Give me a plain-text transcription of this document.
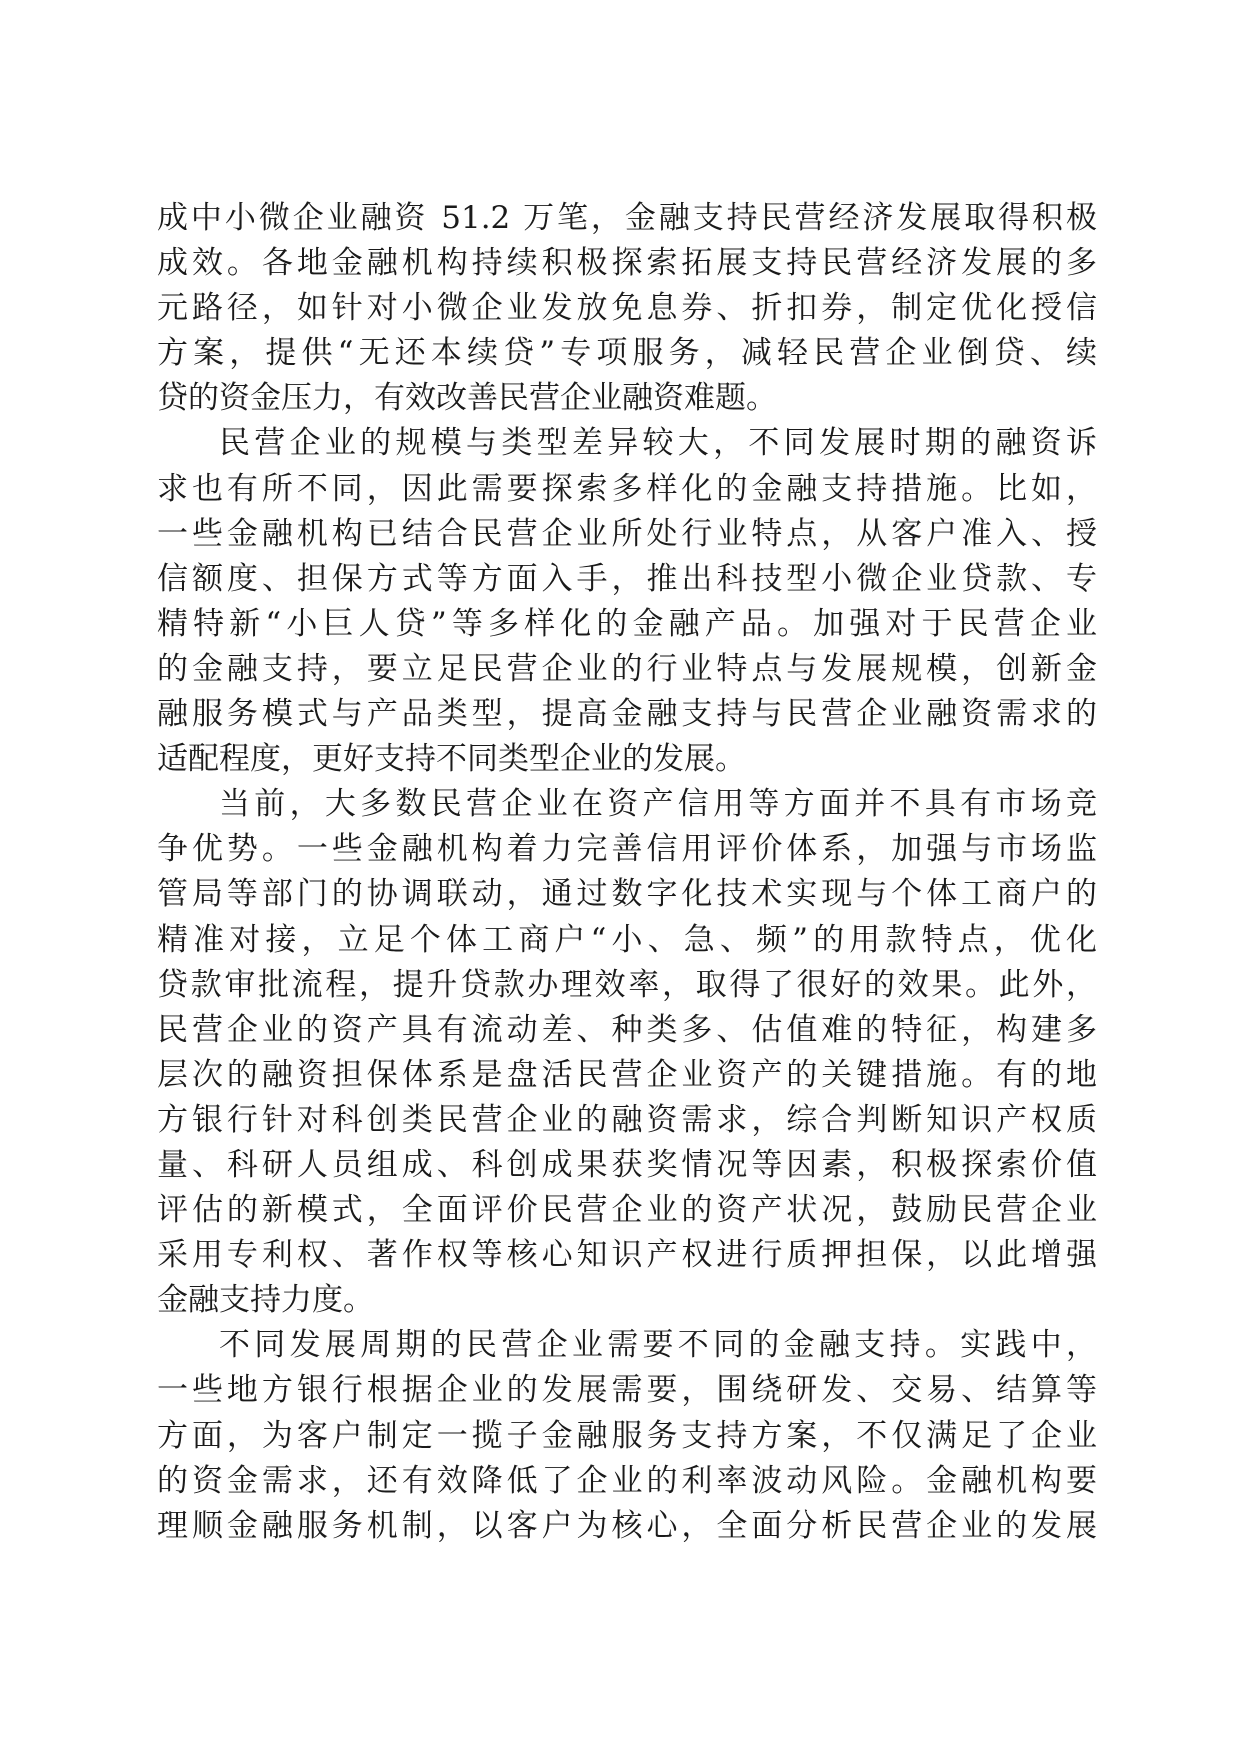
成中小微企业融资 51.2 万笔，金融支持民营经济发展取得积极
成效。各地金融机构持续积极探索拓展支持民营经济发展的多
元路径，如针对小微企业发放免息券、折扣券，制定优化授信
方案，提供“无还本续贷”专项服务，减轻民营企业倒贷、续
贷的资金压力，有效改善民营企业融资难题。
民营企业的规模与类型差异较大，不同发展时期的融资诉
求也有所不同，因此需要探索多样化的金融支持措施。比如，
一些金融机构已结合民营企业所处行业特点，从客户准入、授
信额度、担保方式等方面入手，推出科技型小微企业贷款、专
精特新“小巨人贷”等多样化的金融产品。加强对于民营企业
的金融支持，要立足民营企业的行业特点与发展规模，创新金
融服务模式与产品类型，提高金融支持与民营企业融资需求的
适配程度，更好支持不同类型企业的发展。
当前，大多数民营企业在资产信用等方面并不具有市场竞
争优势。一些金融机构着力完善信用评价体系，加强与市场监
管局等部门的协调联动，通过数字化技术实现与个体工商户的
精准对接，立足个体工商户“小、急、频”的用款特点，优化
贷款审批流程，提升贷款办理效率，取得了很好的效果。此外，
民营企业的资产具有流动差、种类多、估值难的特征，构建多
层次的融资担保体系是盘活民营企业资产的关键措施。有的地
方银行针对科创类民营企业的融资需求，综合判断知识产权质
量、科研人员组成、科创成果获奖情况等因素，积极探索价值
评估的新模式，全面评价民营企业的资产状况，鼓励民营企业
采用专利权、著作权等核心知识产权进行质押担保，以此增强
金融支持力度。
不同发展周期的民营企业需要不同的金融支持。实践中，
一些地方银行根据企业的发展需要，围绕研发、交易、结算等
方面，为客户制定一揽子金融服务支持方案，不仅满足了企业
的资金需求，还有效降低了企业的利率波动风险。金融机构要
理顺金融服务机制，以客户为核心，全面分析民营企业的发展
